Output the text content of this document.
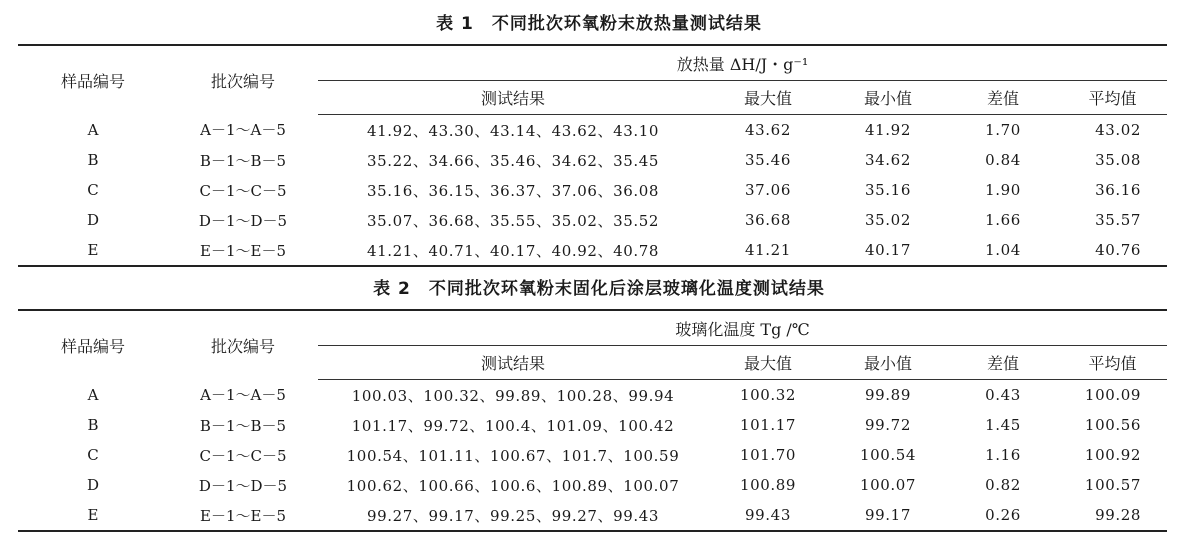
表 1　不同批次环氧粉末放热量测试结果
样品编号	批次编号	放热量 ΔH/J・g⁻¹				
		测试结果	最大值	最小值	差值	平均值
A	A－1～A－5	41.92、43.30、43.14、43.62、43.10	43.62	41.92	1.70	43.02
B	B－1～B－5	35.22、34.66、35.46、34.62、35.45	35.46	34.62	0.84	35.08
C	C－1～C－5	35.16、36.15、36.37、37.06、36.08	37.06	35.16	1.90	36.16
D	D－1～D－5	35.07、36.68、35.55、35.02、35.52	36.68	35.02	1.66	35.57
E	E－1～E－5	41.21、40.71、40.17、40.92、40.78	41.21	40.17	1.04	40.76
表 2　不同批次环氧粉末固化后涂层玻璃化温度测试结果
样品编号	批次编号	玻璃化温度 Tg /℃				
		测试结果	最大值	最小值	差值	平均值
A	A－1～A－5	100.03、100.32、99.89、100.28、99.94	100.32	99.89	0.43	100.09
B	B－1～B－5	101.17、99.72、100.4、101.09、100.42	101.17	99.72	1.45	100.56
C	C－1～C－5	100.54、101.11、100.67、101.7、100.59	101.70	100.54	1.16	100.92
D	D－1～D－5	100.62、100.66、100.6、100.89、100.07	100.89	100.07	0.82	100.57
E	E－1～E－5	99.27、99.17、99.25、99.27、99.43	99.43	99.17	0.26	99.28
